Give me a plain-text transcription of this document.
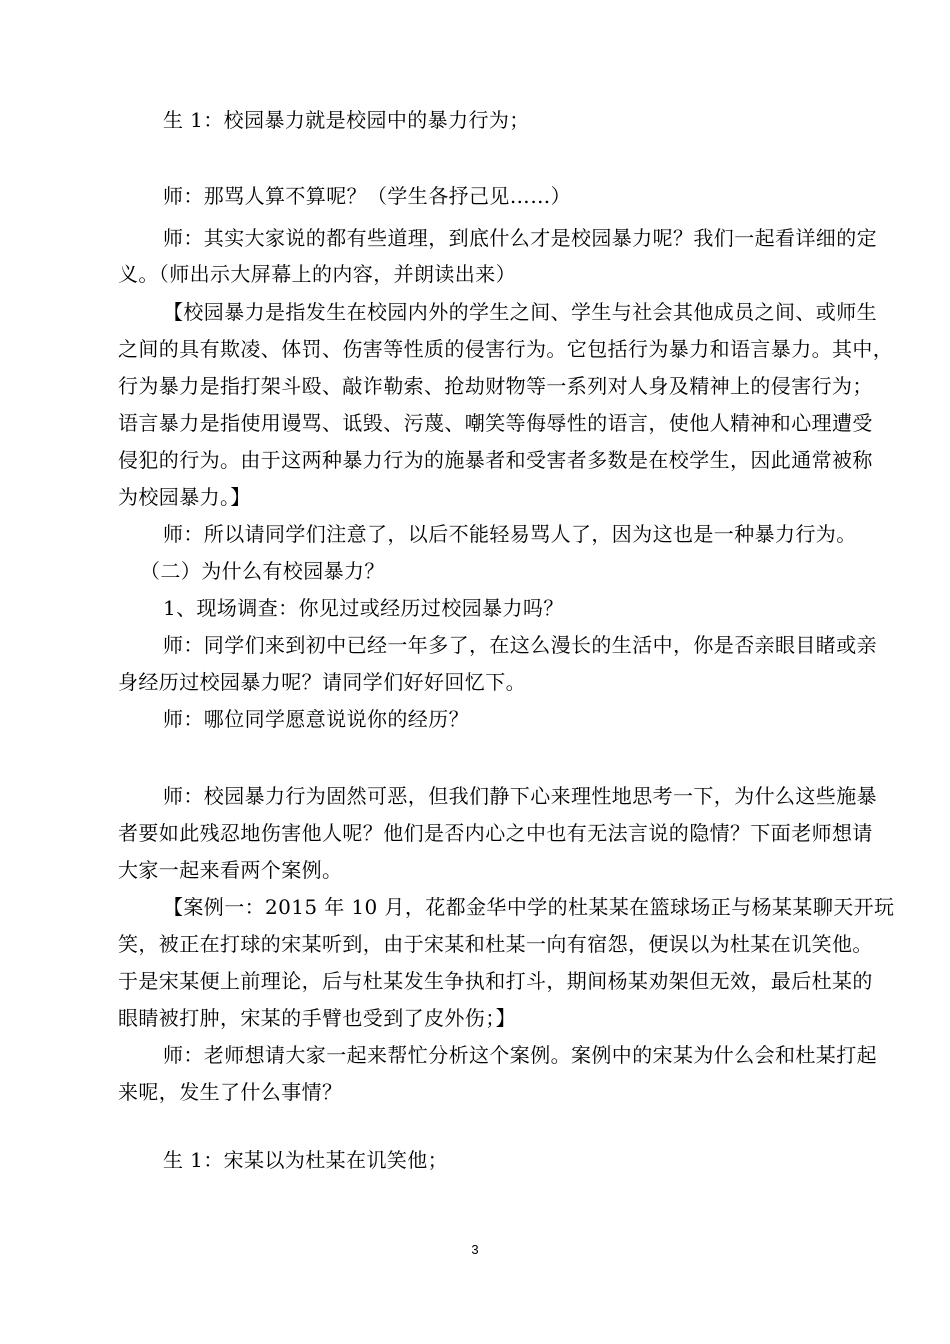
生 1：校园暴力就是校园中的暴力行为；
师：那骂人算不算呢？（学生各抒己见……）
师：其实大家说的都有些道理，到底什么才是校园暴力呢？我们一起看详细的定
义。（师出示大屏幕上的内容，并朗读出来）
【校园暴力是指发生在校园内外的学生之间、学生与社会其他成员之间、或师生
之间的具有欺凌、体罚、伤害等性质的侵害行为。它包括行为暴力和语言暴力。其中，
行为暴力是指打架斗殴、敲诈勒索、抢劫财物等一系列对人身及精神上的侵害行为；
语言暴力是指使用谩骂、诋毁、污蔑、嘲笑等侮辱性的语言，使他人精神和心理遭受
侵犯的行为。由于这两种暴力行为的施暴者和受害者多数是在校学生，因此通常被称
为校园暴力。】
师：所以请同学们注意了，以后不能轻易骂人了，因为这也是一种暴力行为。
（二）为什么有校园暴力？
1、现场调查：你见过或经历过校园暴力吗？
师：同学们来到初中已经一年多了，在这么漫长的生活中，你是否亲眼目睹或亲
身经历过校园暴力呢？请同学们好好回忆下。
师：哪位同学愿意说说你的经历？
师：校园暴力行为固然可恶，但我们静下心来理性地思考一下，为什么这些施暴
者要如此残忍地伤害他人呢？他们是否内心之中也有无法言说的隐情？下面老师想请
大家一起来看两个案例。
【案例一：2015 年 10 月，花都金华中学的杜某某在篮球场正与杨某某聊天开玩
笑，被正在打球的宋某听到，由于宋某和杜某一向有宿怨，便误以为杜某在讥笑他。
于是宋某便上前理论，后与杜某发生争执和打斗，期间杨某劝架但无效，最后杜某的
眼睛被打肿，宋某的手臂也受到了皮外伤；】
师：老师想请大家一起来帮忙分析这个案例。案例中的宋某为什么会和杜某打起
来呢，发生了什么事情？
生 1：宋某以为杜某在讥笑他；
3
